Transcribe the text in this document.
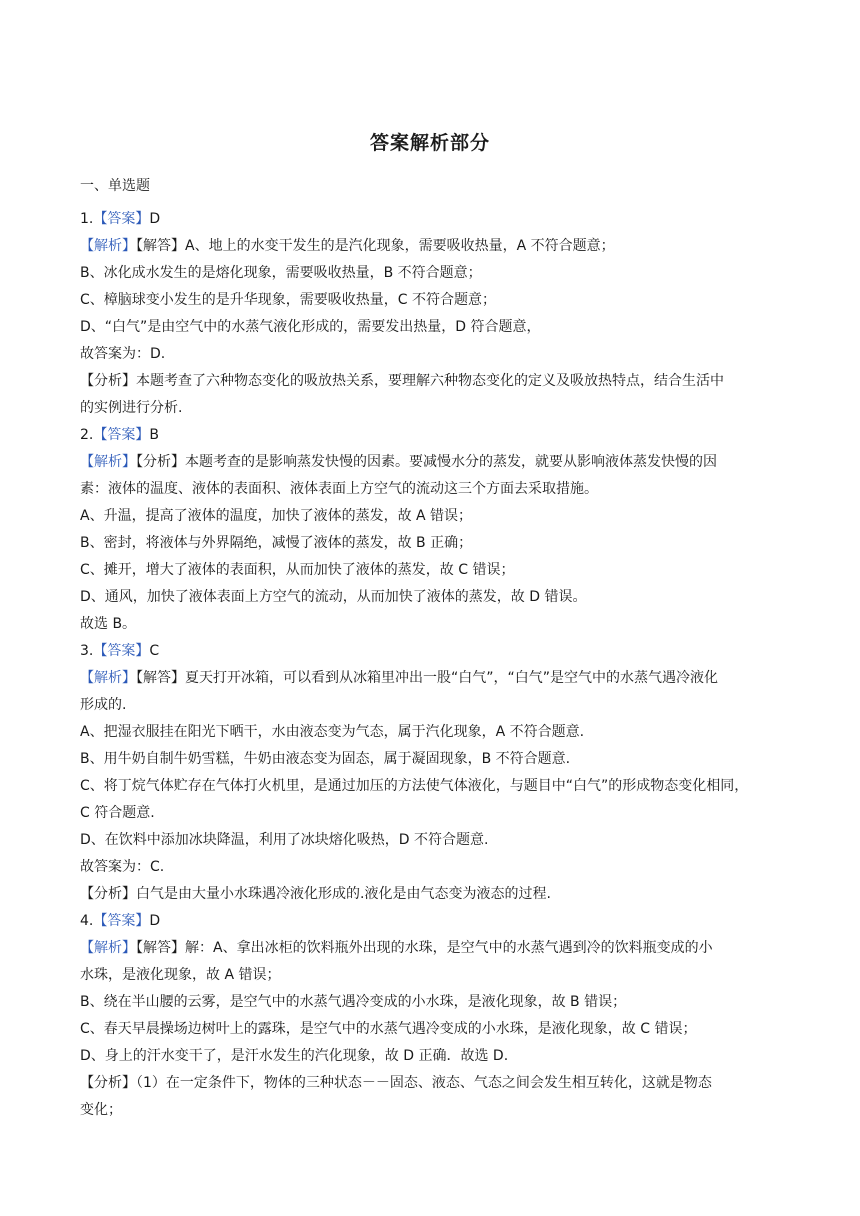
答案解析部分
一、单选题
1.【答案】D
【解析】【解答】A、地上的水变干发生的是汽化现象，需要吸收热量，A 不符合题意；
B、冰化成水发生的是熔化现象，需要吸收热量，B 不符合题意；
C、樟脑球变小发生的是升华现象，需要吸收热量，C 不符合题意；
D、“白气”是由空气中的水蒸气液化形成的，需要发出热量，D 符合题意，
故答案为：D.
【分析】本题考查了六种物态变化的吸放热关系，要理解六种物态变化的定义及吸放热特点，结合生活中
的实例进行分析.
2.【答案】B
【解析】【分析】本题考查的是影响蒸发快慢的因素。要减慢水分的蒸发，就要从影响液体蒸发快慢的因
素：液体的温度、液体的表面积、液体表面上方空气的流动这三个方面去采取措施。
A、升温，提高了液体的温度，加快了液体的蒸发，故 A 错误；
B、密封，将液体与外界隔绝，减慢了液体的蒸发，故 B 正确；
C、摊开，增大了液体的表面积，从而加快了液体的蒸发，故 C 错误；
D、通风，加快了液体表面上方空气的流动，从而加快了液体的蒸发，故 D 错误。
故选 B。
3.【答案】C
【解析】【解答】夏天打开冰箱，可以看到从冰箱里冲出一股“白气”，“白气”是空气中的水蒸气遇冷液化
形成的.
A、把湿衣服挂在阳光下晒干，水由液态变为气态，属于汽化现象，A 不符合题意.
B、用牛奶自制牛奶雪糕，牛奶由液态变为固态，属于凝固现象，B 不符合题意.
C、将丁烷气体贮存在气体打火机里，是通过加压的方法使气体液化，与题目中“白气”的形成物态变化相同，
C 符合题意.
D、在饮料中添加冰块降温，利用了冰块熔化吸热，D 不符合题意.
故答案为：C.
【分析】白气是由大量小水珠遇冷液化形成的.液化是由气态变为液态的过程.
4.【答案】D
【解析】【解答】解：A、拿出冰柜的饮料瓶外出现的水珠，是空气中的水蒸气遇到冷的饮料瓶变成的小
水珠，是液化现象，故 A 错误；
B、绕在半山腰的云雾，是空气中的水蒸气遇冷变成的小水珠，是液化现象，故 B 错误；
C、春天早晨操场边树叶上的露珠，是空气中的水蒸气遇冷变成的小水珠，是液化现象，故 C 错误；
D、身上的汗水变干了，是汗水发生的汽化现象，故 D 正确．故选 D.
【分析】（1）在一定条件下，物体的三种状态－－固态、液态、气态之间会发生相互转化，这就是物态
变化；
